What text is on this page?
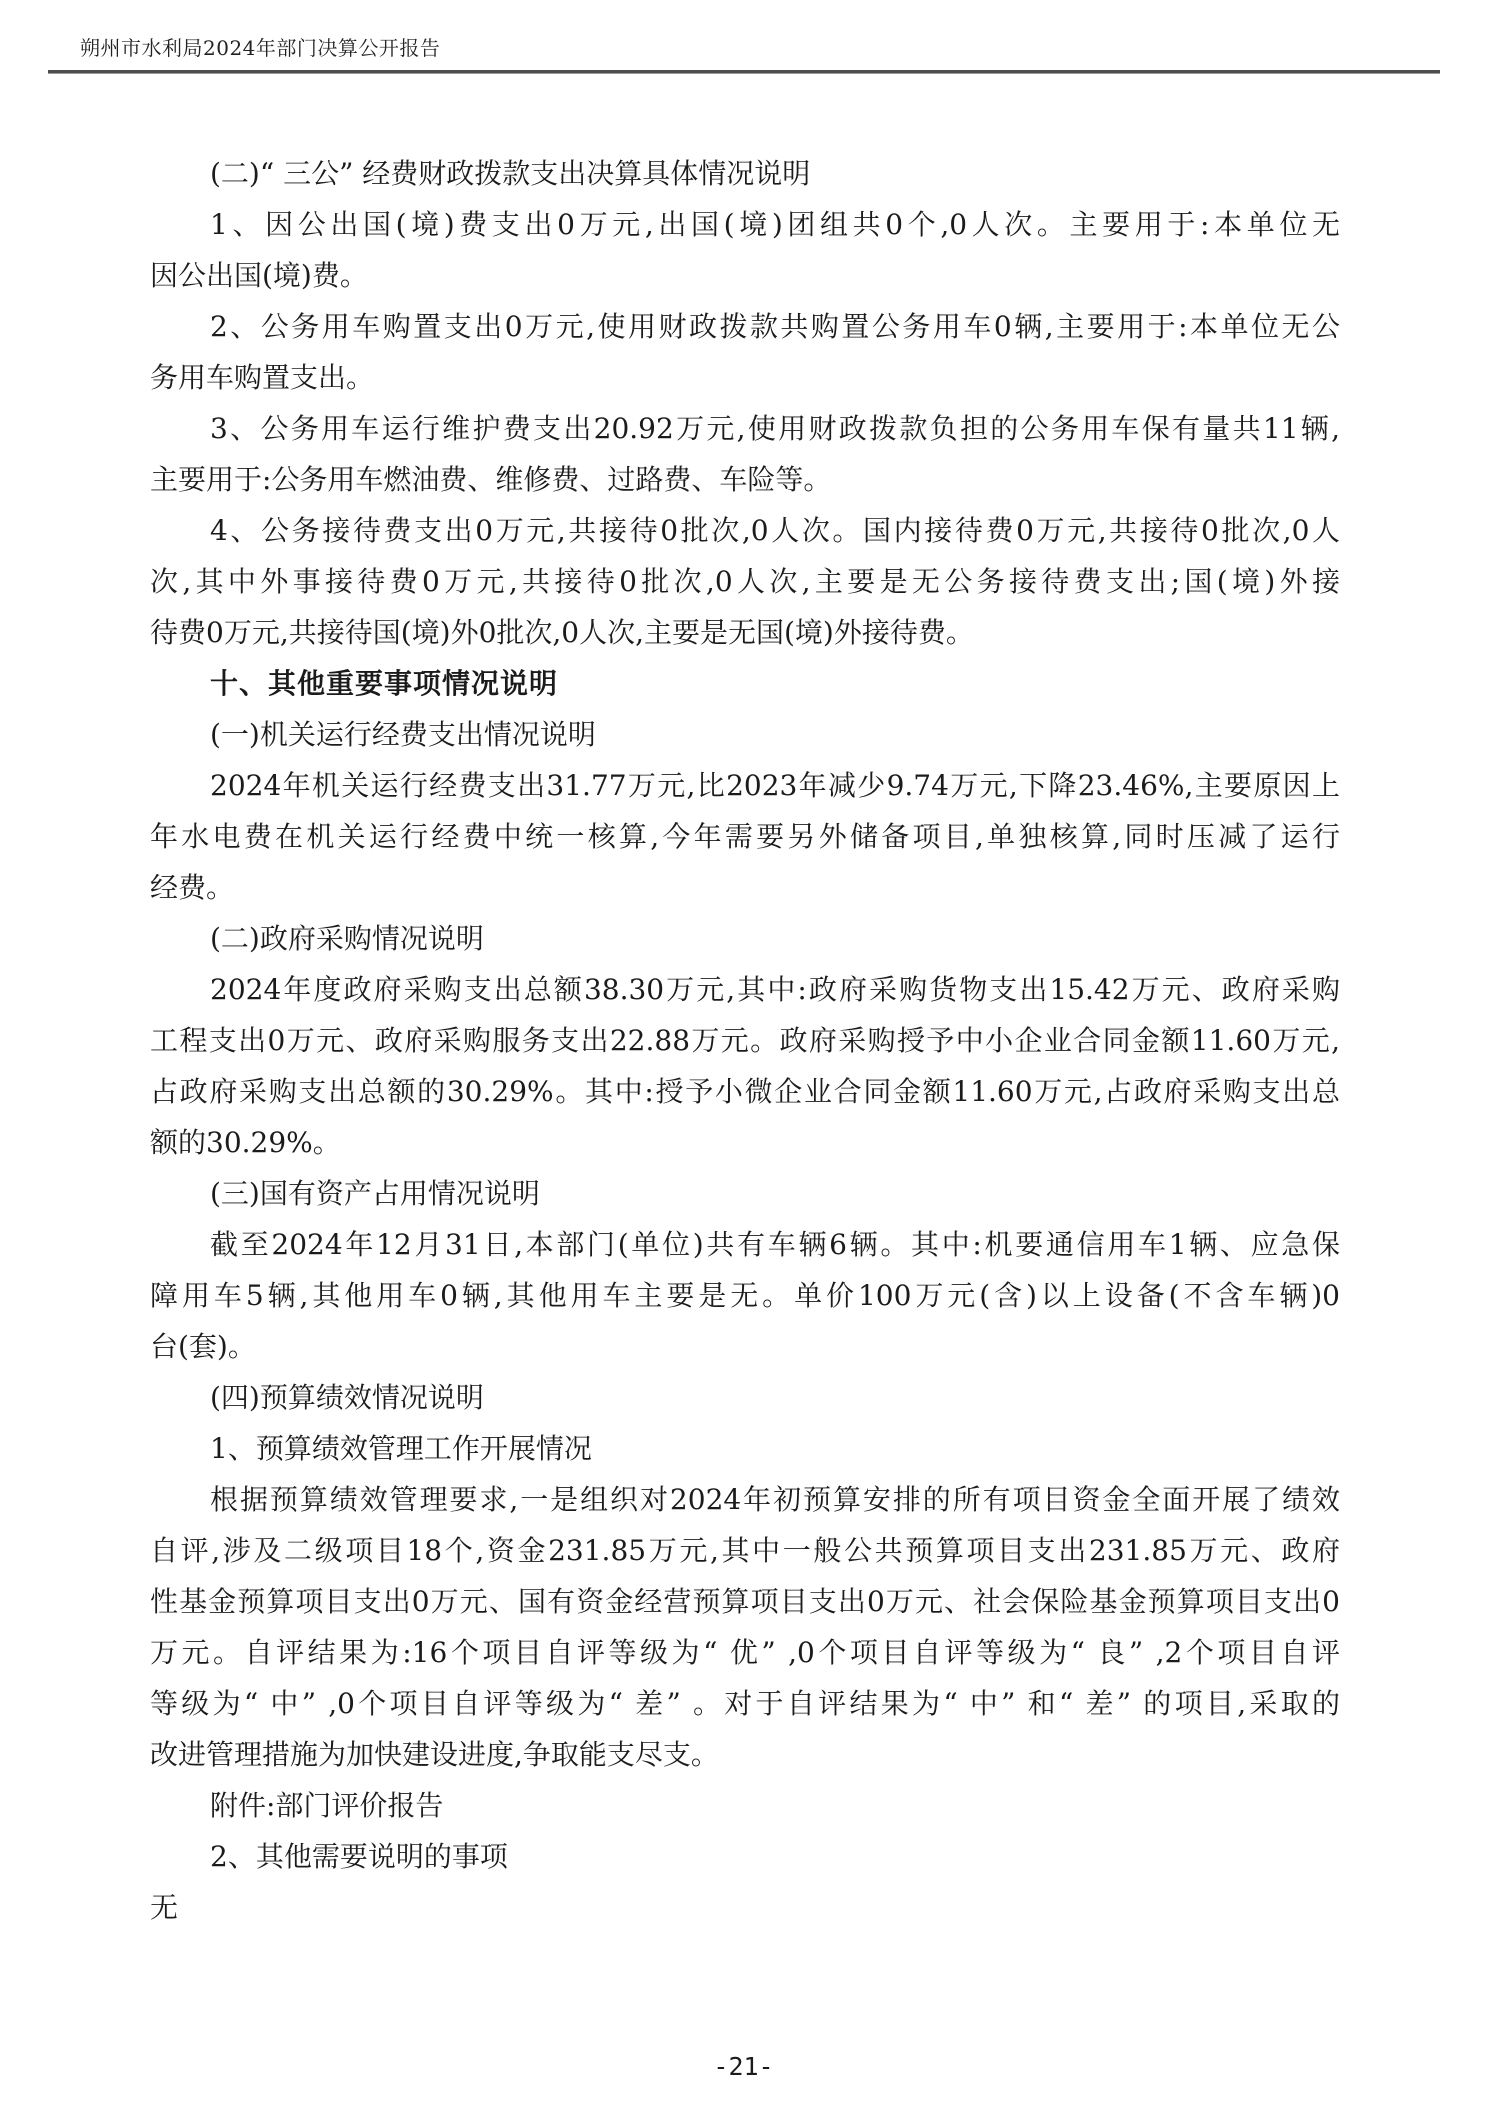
朔州市水利局2024年部门决算公开报告
(二)“ 三公” 经费财政拨款支出决算具体情况说明
1、因公出国(境)费支出0万元,出国(境)团组共0个,0人次。主要用于:本单位无
因公出国(境)费。
2、公务用车购置支出0万元,使用财政拨款共购置公务用车0辆,主要用于:本单位无公
务用车购置支出。
3、公务用车运行维护费支出20.92万元,使用财政拨款负担的公务用车保有量共11辆,
主要用于:公务用车燃油费、维修费、过路费、车险等。
4、公务接待费支出0万元,共接待0批次,0人次。国内接待费0万元,共接待0批次,0人
次,其中外事接待费0万元,共接待0批次,0人次,主要是无公务接待费支出;国(境)外接
待费0万元,共接待国(境)外0批次,0人次,主要是无国(境)外接待费。
十、其他重要事项情况说明
(一)机关运行经费支出情况说明
2024年机关运行经费支出31.77万元,比2023年减少9.74万元,下降23.46%,主要原因上
年水电费在机关运行经费中统一核算,今年需要另外储备项目,单独核算,同时压减了运行
经费。
(二)政府采购情况说明
2024年度政府采购支出总额38.30万元,其中:政府采购货物支出15.42万元、政府采购
工程支出0万元、政府采购服务支出22.88万元。政府采购授予中小企业合同金额11.60万元,
占政府采购支出总额的30.29%。其中:授予小微企业合同金额11.60万元,占政府采购支出总
额的30.29%。
(三)国有资产占用情况说明
截至2024年12月31日,本部门(单位)共有车辆6辆。其中:机要通信用车1辆、应急保
障用车5辆,其他用车0辆,其他用车主要是无。单价100万元(含)以上设备(不含车辆)0
台(套)。
(四)预算绩效情况说明
1、预算绩效管理工作开展情况
根据预算绩效管理要求,一是组织对2024年初预算安排的所有项目资金全面开展了绩效
自评,涉及二级项目18个,资金231.85万元,其中一般公共预算项目支出231.85万元、政府
性基金预算项目支出0万元、国有资金经营预算项目支出0万元、社会保险基金预算项目支出0
万元。自评结果为:16个项目自评等级为“ 优” ,0个项目自评等级为“ 良” ,2个项目自评
等级为“ 中” ,0个项目自评等级为“ 差” 。对于自评结果为“ 中” 和“ 差” 的项目,采取的
改进管理措施为加快建设进度,争取能支尽支。
附件:部门评价报告
2、其他需要说明的事项
无
-21-
